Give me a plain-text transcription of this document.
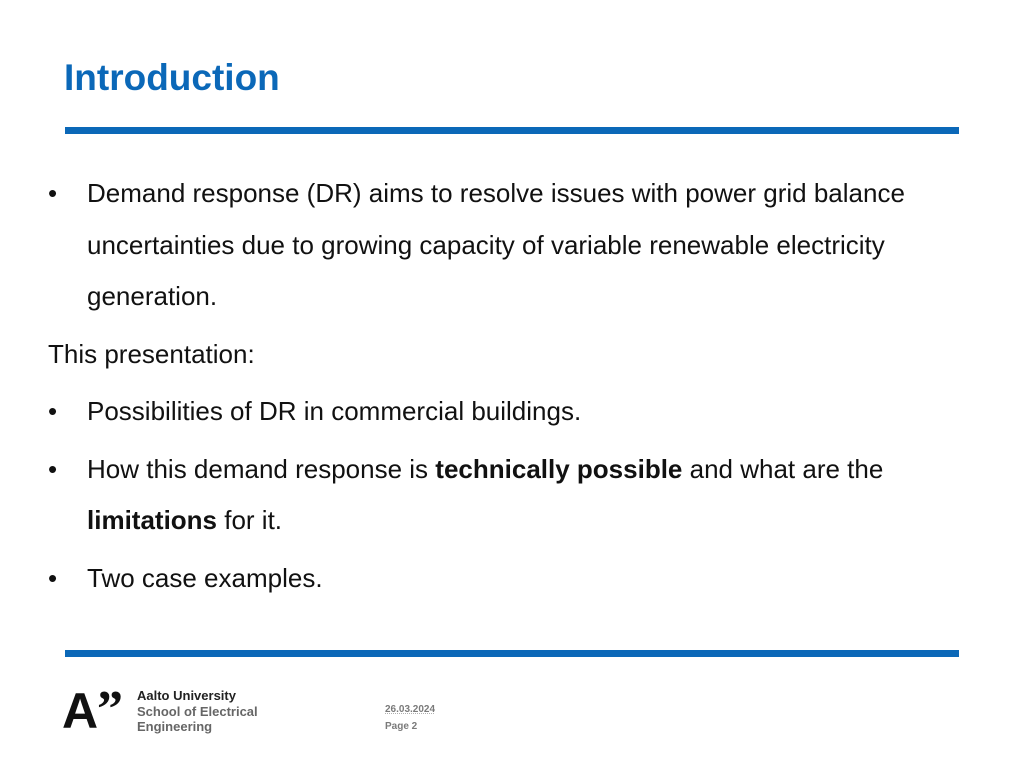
Introduction
•	Demand response (DR) aims to resolve issues with power grid balance uncertainties due to growing capacity of variable renewable electricity generation.
This presentation:
•	Possibilities of DR in commercial buildings.
•	How this demand response is technically possible and what are the limitations for it.
•	Two case examples.
A
” Aalto University
School of Electrical
Engineering
26.03.2024
Page 2
